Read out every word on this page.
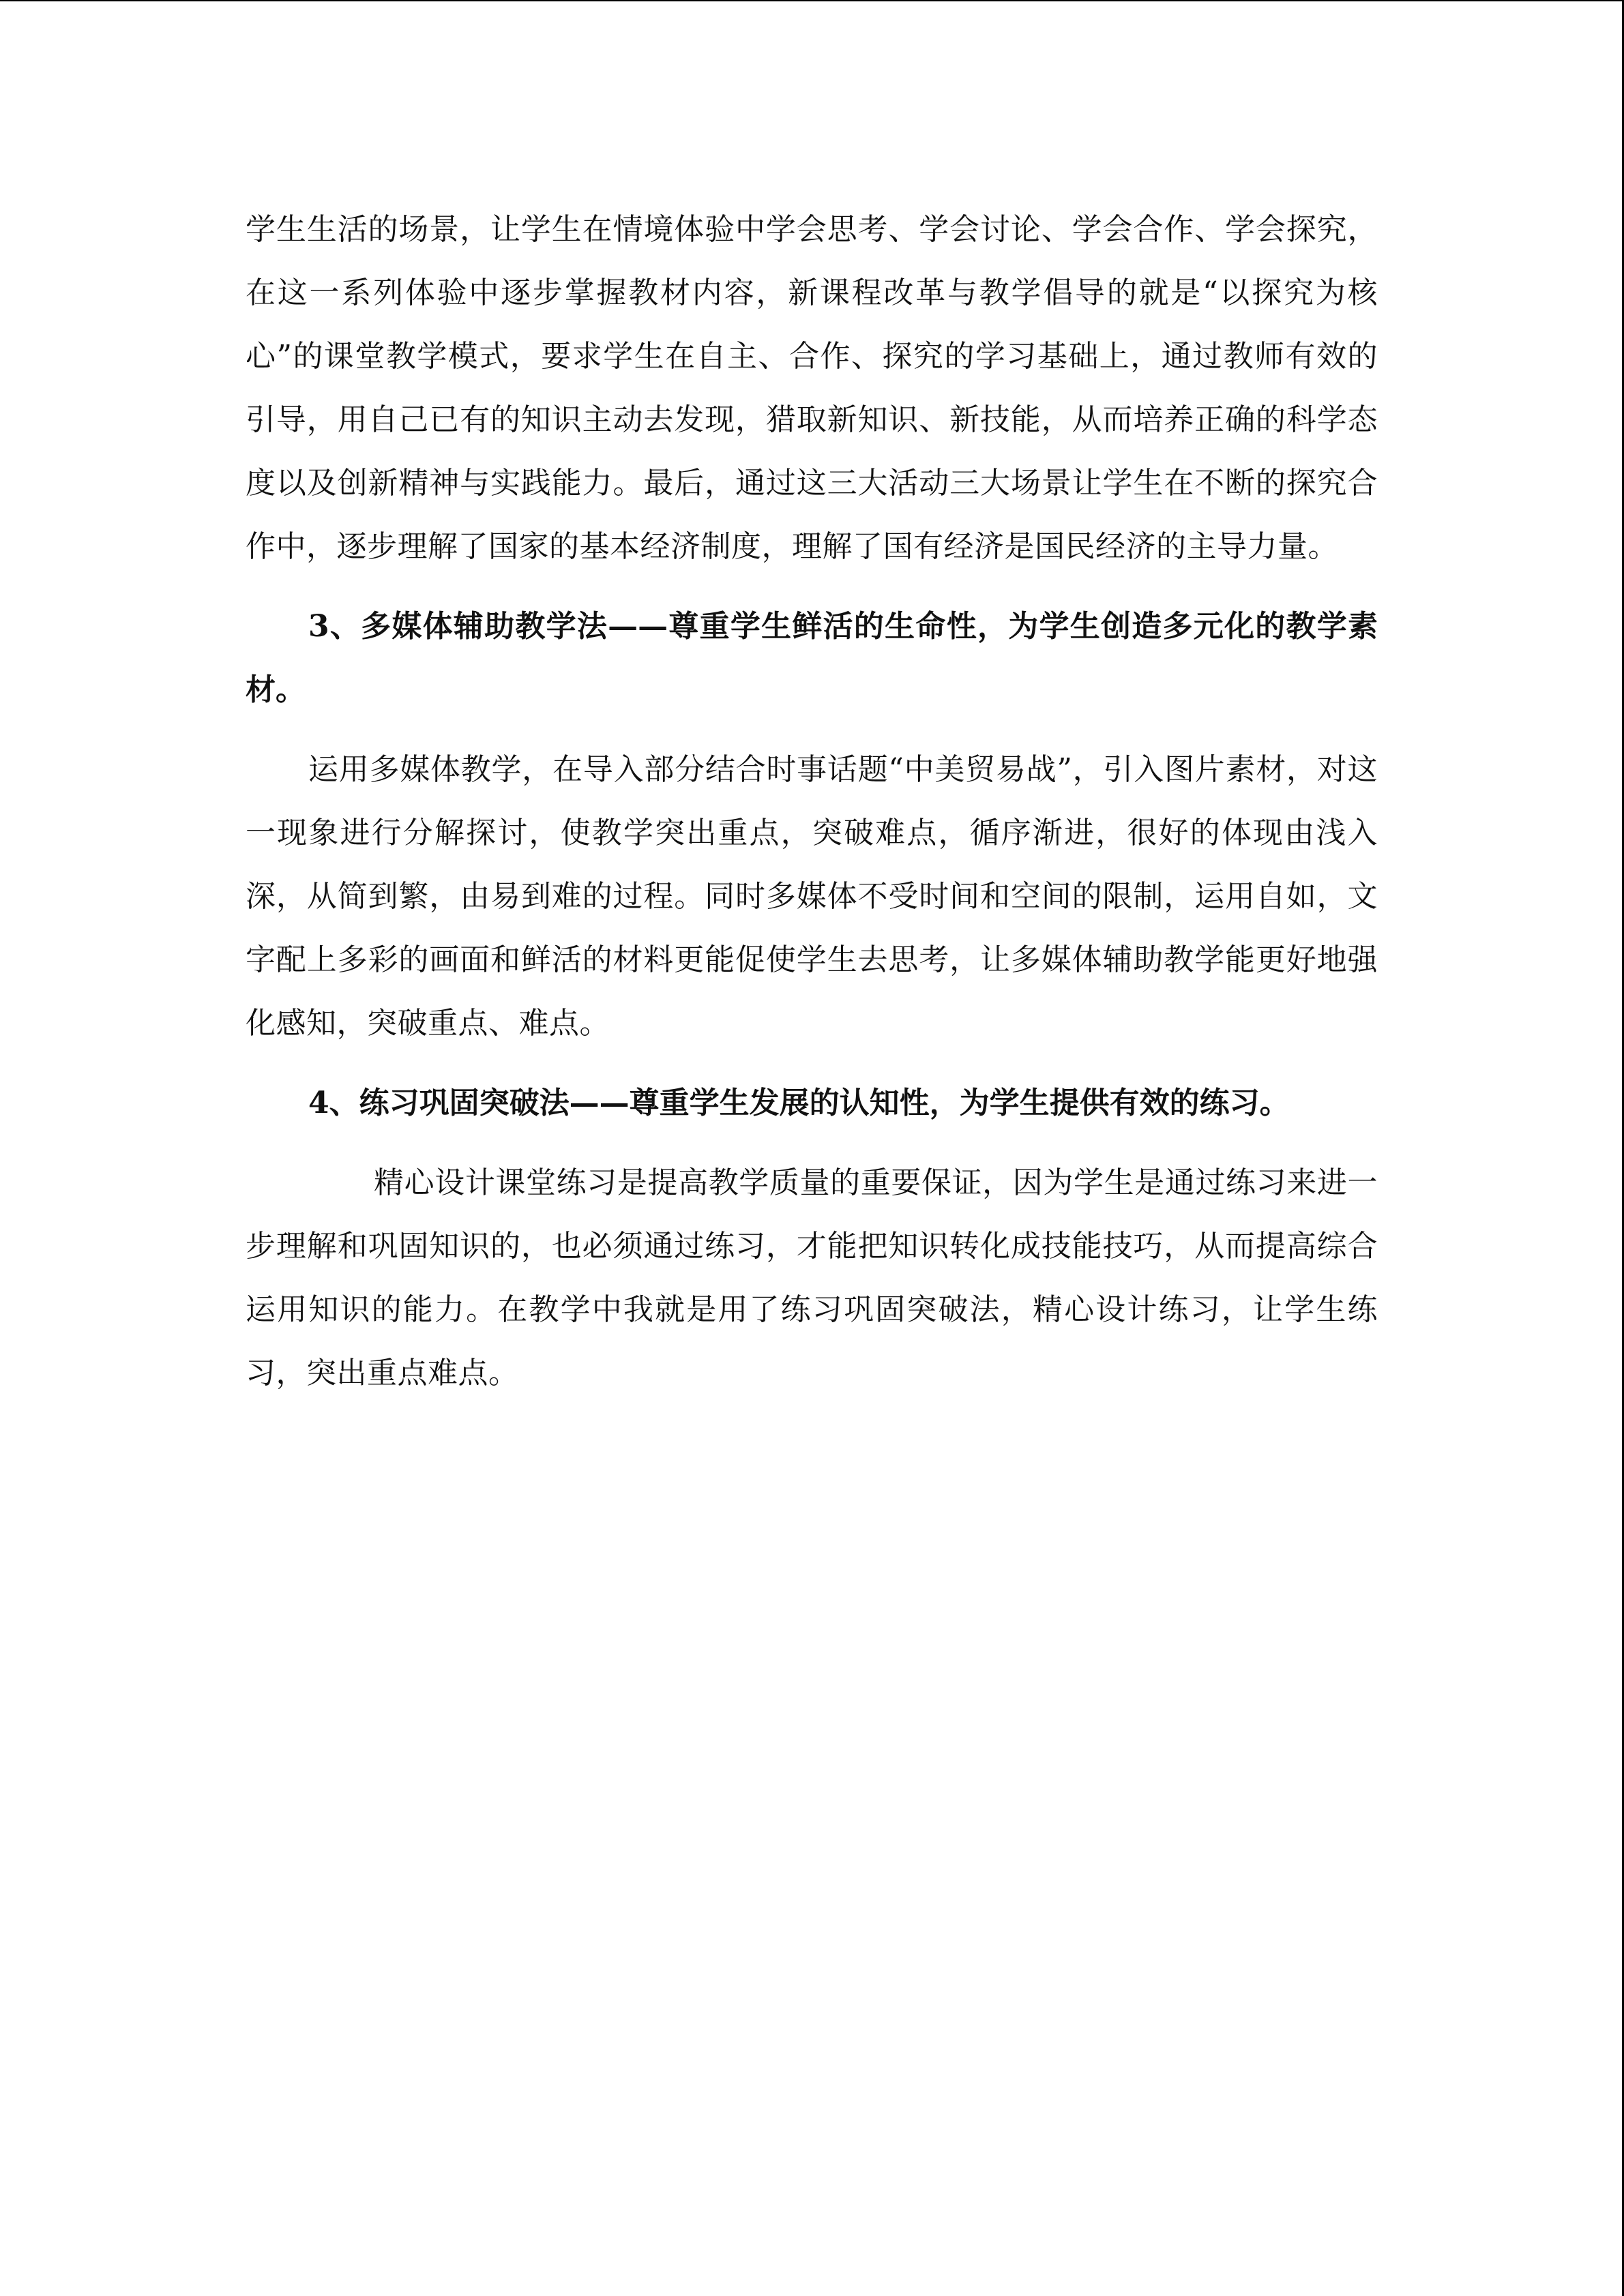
学生生活的场景，让学生在情境体验中学会思考、学会讨论、学会合作、学会探究，在这一系列体验中逐步掌握教材内容，新课程改革与教学倡导的就是“以探究为核心”的课堂教学模式，要求学生在自主、合作、探究的学习基础上，通过教师有效的引导，用自己已有的知识主动去发现，猎取新知识、新技能，从而培养正确的科学态度以及创新精神与实践能力。最后，通过这三大活动三大场景让学生在不断的探究合作中，逐步理解了国家的基本经济制度，理解了国有经济是国民经济的主导力量。

3、多媒体辅助教学法——尊重学生鲜活的生命性，为学生创造多元化的教学素材。

运用多媒体教学，在导入部分结合时事话题“中美贸易战”，引入图片素材，对这一现象进行分解探讨，使教学突出重点，突破难点，循序渐进，很好的体现由浅入深，从简到繁，由易到难的过程。同时多媒体不受时间和空间的限制，运用自如，文字配上多彩的画面和鲜活的材料更能促使学生去思考，让多媒体辅助教学能更好地强化感知，突破重点、难点。

4、练习巩固突破法——尊重学生发展的认知性，为学生提供有效的练习。

精心设计课堂练习是提高教学质量的重要保证，因为学生是通过练习来进一步理解和巩固知识的，也必须通过练习，才能把知识转化成技能技巧，从而提高综合运用知识的能力。在教学中我就是用了练习巩固突破法，精心设计练习，让学生练习，突出重点难点。
